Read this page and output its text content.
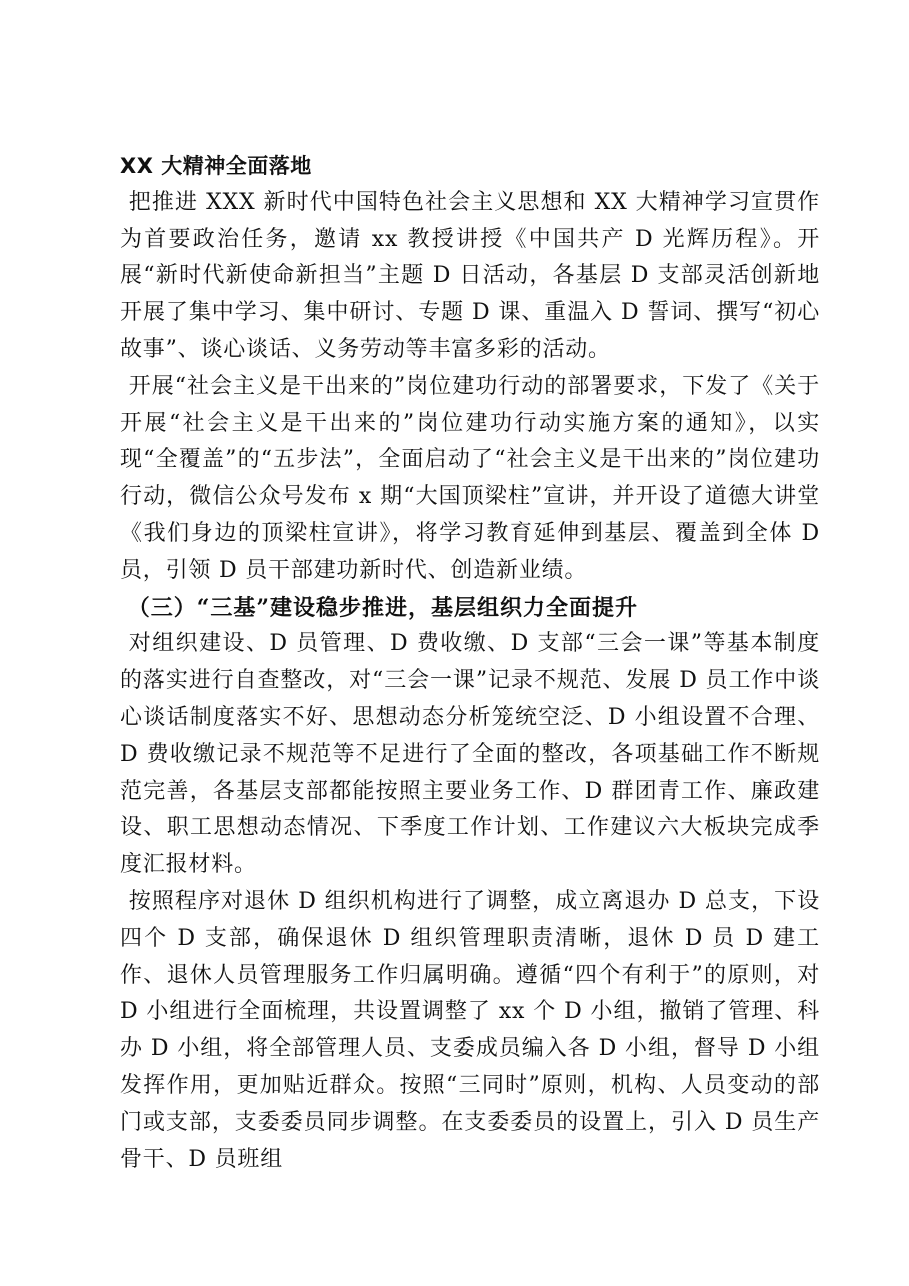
XX 大精神全面落地

把推进 XXX 新时代中国特色社会主义思想和 XX 大精神学习宣贯作为首要政治任务，邀请 xx 教授讲授《中国共产 D 光辉历程》。开展“新时代新使命新担当”主题 D 日活动，各基层 D 支部灵活创新地开展了集中学习、集中研讨、专题 D 课、重温入 D 誓词、撰写“初心故事”、谈心谈话、义务劳动等丰富多彩的活动。

开展“社会主义是干出来的”岗位建功行动的部署要求，下发了《关于开展“社会主义是干出来的”岗位建功行动实施方案的通知》，以实现“全覆盖”的“五步法”，全面启动了“社会主义是干出来的”岗位建功行动，微信公众号发布 x 期“大国顶梁柱”宣讲，并开设了道德大讲堂《我们身边的顶梁柱宣讲》，将学习教育延伸到基层、覆盖到全体 D 员，引领 D 员干部建功新时代、创造新业绩。

（三）“三基”建设稳步推进，基层组织力全面提升

对组织建设、D 员管理、D 费收缴、D 支部“三会一课”等基本制度的落实进行自查整改，对“三会一课”记录不规范、发展 D 员工作中谈心谈话制度落实不好、思想动态分析笼统空泛、D 小组设置不合理、D 费收缴记录不规范等不足进行了全面的整改，各项基础工作不断规范完善，各基层支部都能按照主要业务工作、D 群团青工作、廉政建设、职工思想动态情况、下季度工作计划、工作建议六大板块完成季度汇报材料。

按照程序对退休 D 组织机构进行了调整，成立离退办 D 总支，下设四个 D 支部，确保退休 D 组织管理职责清晰，退休 D 员 D 建工作、退休人员管理服务工作归属明确。遵循“四个有利于”的原则，对 D 小组进行全面梳理，共设置调整了 xx 个 D 小组，撤销了管理、科办 D 小组，将全部管理人员、支委成员编入各 D 小组，督导 D 小组发挥作用，更加贴近群众。按照“三同时”原则，机构、人员变动的部门或支部，支委委员同步调整。在支委委员的设置上，引入 D 员生产骨干、D 员班组
